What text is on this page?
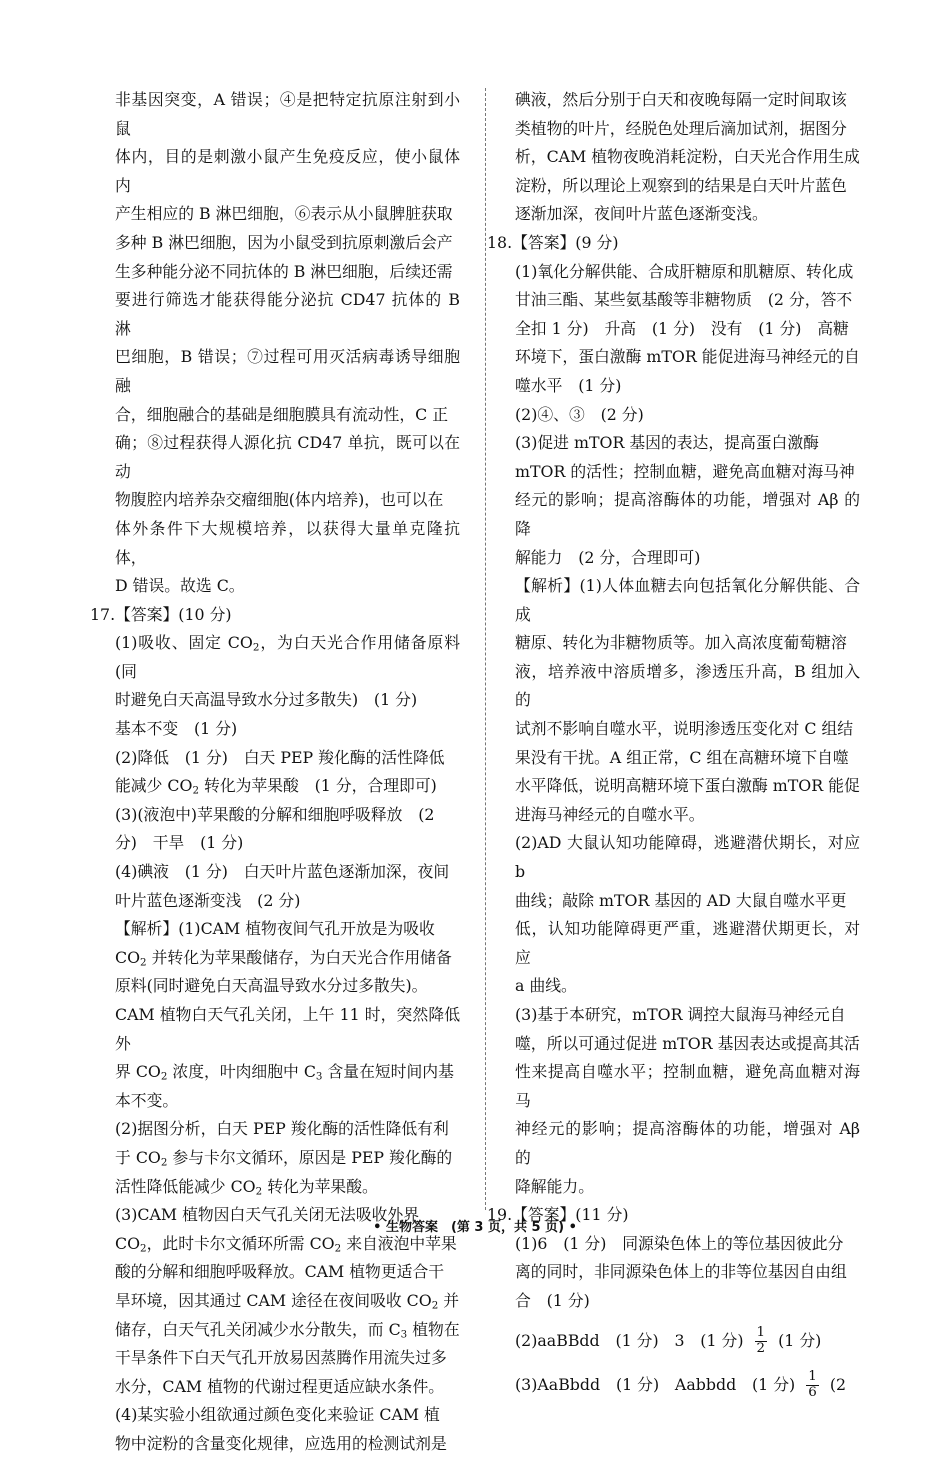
非基因突变，A 错误；④是把特定抗原注射到小鼠
体内，目的是刺激小鼠产生免疫反应，使小鼠体内
产生相应的 B 淋巴细胞，⑥表示从小鼠脾脏获取
多种 B 淋巴细胞，因为小鼠受到抗原刺激后会产
生多种能分泌不同抗体的 B 淋巴细胞，后续还需
要进行筛选才能获得能分泌抗 CD47 抗体的 B 淋
巴细胞，B 错误；⑦过程可用灭活病毒诱导细胞融
合，细胞融合的基础是细胞膜具有流动性，C 正
确；⑧过程获得人源化抗 CD47 单抗，既可以在动
物腹腔内培养杂交瘤细胞(体内培养)，也可以在
体外条件下大规模培养，以获得大量单克隆抗体，
D 错误。故选 C。
17.【答案】(10 分)
(1)吸收、固定 $CO_2$，为白天光合作用储备原料(同
时避免白天高温导致水分过多散失)　(1 分)
基本不变　(1 分)
(2)降低　(1 分)　白天 PEP 羧化酶的活性降低
能减少 $CO_2$ 转化为苹果酸　(1 分，合理即可)
(3)(液泡中)苹果酸的分解和细胞呼吸释放　(2
分)　干旱　(1 分)
(4)碘液　(1 分)　白天叶片蓝色逐渐加深，夜间
叶片蓝色逐渐变浅　(2 分)
【解析】(1)CAM 植物夜间气孔开放是为吸收
$CO_2$ 并转化为苹果酸储存，为白天光合作用储备
原料(同时避免白天高温导致水分过多散失)。
CAM 植物白天气孔关闭，上午 11 时，突然降低外
界 $CO_2$ 浓度，叶肉细胞中 $C_3$ 含量在短时间内基
本不变。
(2)据图分析，白天 PEP 羧化酶的活性降低有利
于 $CO_2$ 参与卡尔文循环，原因是 PEP 羧化酶的
活性降低能减少 $CO_2$ 转化为苹果酸。
(3)CAM 植物因白天气孔关闭无法吸收外界
$CO_2$，此时卡尔文循环所需 $CO_2$ 来自液泡中苹果
酸的分解和细胞呼吸释放。CAM 植物更适合干
旱环境，因其通过 CAM 途径在夜间吸收 $CO_2$ 并
储存，白天气孔关闭减少水分散失，而 $C_3$ 植物在
干旱条件下白天气孔开放易因蒸腾作用流失过多
水分，CAM 植物的代谢过程更适应缺水条件。
(4)某实验小组欲通过颜色变化来验证 CAM 植
物中淀粉的含量变化规律，应选用的检测试剂是
碘液，然后分别于白天和夜晚每隔一定时间取该
类植物的叶片，经脱色处理后滴加试剂，据图分
析，CAM 植物夜晚消耗淀粉，白天光合作用生成
淀粉，所以理论上观察到的结果是白天叶片蓝色
逐渐加深，夜间叶片蓝色逐渐变浅。
18.【答案】(9 分)
(1)氧化分解供能、合成肝糖原和肌糖原、转化成
甘油三酯、某些氨基酸等非糖物质　(2 分，答不
全扣 1 分)　升高　(1 分)　没有　(1 分)　高糖
环境下，蛋白激酶 mTOR 能促进海马神经元的自
噬水平　(1 分)
(2)④、③　(2 分)
(3)促进 mTOR 基因的表达，提高蛋白激酶
mTOR 的活性；控制血糖，避免高血糖对海马神
经元的影响；提高溶酶体的功能，增强对 Aβ 的降
解能力　(2 分，合理即可)
【解析】(1)人体血糖去向包括氧化分解供能、合成
糖原、转化为非糖物质等。加入高浓度葡萄糖溶
液，培养液中溶质增多，渗透压升高，B 组加入的
试剂不影响自噬水平，说明渗透压变化对 C 组结
果没有干扰。A 组正常，C 组在高糖环境下自噬
水平降低，说明高糖环境下蛋白激酶 mTOR 能促
进海马神经元的自噬水平。
(2)AD 大鼠认知功能障碍，逃避潜伏期长，对应 b
曲线；敲除 mTOR 基因的 AD 大鼠自噬水平更
低，认知功能障碍更严重，逃避潜伏期更长，对应
a 曲线。
(3)基于本研究，mTOR 调控大鼠海马神经元自
噬，所以可通过促进 mTOR 基因表达或提高其活
性来提高自噬水平；控制血糖，避免高血糖对海马
神经元的影响；提高溶酶体的功能，增强对 Aβ 的
降解能力。
19.【答案】(11 分)
(1)6　(1 分)　同源染色体上的等位基因彼此分
离的同时，非同源染色体上的非等位基因自由组
合　(1 分)
(2)aaBBdd　(1 分)　3　(1 分) $\frac{1}{2} (1$ 分)
(3)AaBbdd　(1 分)　Aabbdd　(1 分) $\frac{1}{6} (2$
• 生物答案　(第 3 页，共 5 页) •
